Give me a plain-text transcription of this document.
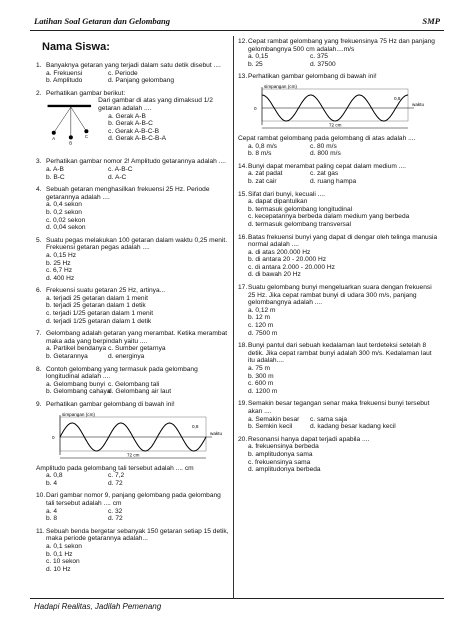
Latihan Soal Getaran dan Gelombang	SMP
Nama Siswa:
1. Banyaknya getaran yang terjadi dalam satu detik disebut ....
a. Frekuensi	c. Periode
b. Amplitudo	d. Panjang gelombang
2. Perhatikan gambar berikut:
A
B
C
Dari gambar di atas yang dimaksud 1/2 getaran adalah ....
a. Gerak A-B
b. Gerak A-B-C
c. Gerak A-B-C-B
d. Gerak A-B-C-B-A
3. Perhatikan gambar nomor 2! Amplitudo getarannya adalah ....
a. A-B	c. A-B-C
b. B-C	d. A-C
4. Sebuah getaran menghasilkan frekuensi 25 Hz. Periode getarannya adalah ....
a. 0,4 sekon
b. 0,2 sekon
c. 0,02 sekon
d. 0,04 sekon
5. Suatu pegas melakukan 100 getaran dalam waktu 0,25 menit. Frekuensi getaran pegas adalah ....
a. 0,15 Hz
b. 25 Hz
c. 6,7 Hz
d. 400 Hz
6. Frekuensi suatu getaran 25 Hz, artinya...
a. terjadi 25 getaran dalam 1 menit
b. terjadi 25 getaran dalam 1 detik
c. terjadi 1/25 getaran dalam 1 menit
d. terjadi 1/25 getaran dalam 1 detik
7. Gelombang adalah getaran yang merambat. Ketika merambat maka ada yang berpindah yaitu ....
a. Partikel bendanya c. Sumber getarnya
b. Getarannya	d. energinya
8. Contoh gelombang yang termasuk pada gelombang longitudinal adalah ....
a. Gelombang bunyi c. Gelombang tali
b. Gelombang cahaya
d. Gelombang air laut
9. Perhatikan gambar gelombang di bawah ini!
simpangan (cm)
waktu
0
72 cm
0,8
Amplitudo pada gelombang tali tersebut adalah .... cm
a. 0,8	c. 7,2
b. 4	d. 72
10. Dari gambar nomor 9, panjang gelombang pada gelombang tali tersebut adalah .... cm
a. 4	c. 32
b. 8	d. 72
11. Sebuah benda bergetar sebanyak 150 getaran setiap 15 detik, maka periode getarannya adalah...
a. 0,1 sekon
b. 0,1 Hz
c. 10 sekon
d. 10 Hz
12. Cepat rambat gelombang yang frekuensinya 75 Hz dan panjang gelombangnya 500 cm adalah....m/s
a. 0,15	c. 375
b. 25	d. 37500
13. Perhatikan gambar gelombang di bawah ini!
simpangan (cm)
waktu
0
72 cm
0,8
Cepat rambat gelombang pada gelombang di atas adalah ....
a. 0,8 m/s	c. 80 m/s
b. 8 m/s	d. 800 m/s
14. Bunyi dapat merambat paling cepat dalam medium ....
a. zat padat	c. zat gas
b. zat cair	d. ruang hampa
15. Sifat dari bunyi, kecuali ....
a. dapat dipantulkan
b. termasuk gelombang longitudinal
c. kecepatannya berbeda dalam medium yang berbeda
d. termasuk gelombang transversal
16. Batas frekuensi bunyi yang dapat di dengar oleh telinga manusia normal adalah ....
a. di atas 200.000 Hz
b. di antara 20 - 20.000 Hz
c. di antara 2.000 - 20.000 Hz
d. di bawah 20 Hz
17. Suatu gelombang bunyi mengeluarkan suara dengan frekuensi 25 Hz. Jika cepat rambat bunyi di udara 300 m/s, panjang gelombangnya adalah ....
a. 0,12 m
b. 12 m
c. 120 m
d. 7500 m
18. Bunyi pantul dari sebuah kedalaman laut terdeteksi setelah 8 detik. Jika cepat rambat bunyi adalah 300 m/s. Kedalaman laut itu adalah....
a. 75 m
b. 300 m
c. 600 m
d. 1200 m
19. Semakin besar tegangan senar maka frekuensi bunyi tersebut akan ....
a. Semakin besar	c. sama saja
b. Semkin kecil	d. kadang besar kadang kecil
20. Resonansi hanya dapat terjadi apabila ....
a. frekuensinya berbeda
b. amplitudonya sama
c. frekuensinya sama
d. amplitudonya berbeda
Hadapi Realitas, Jadilah Pemenang
